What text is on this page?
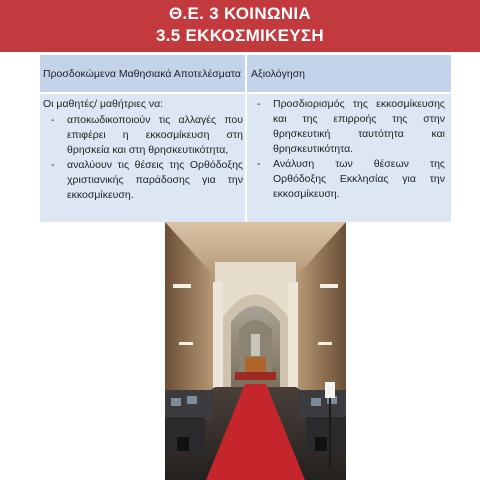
Θ.Ε. 3 ΚΟΙΝΩΝΙΑ
3.5 ΕΚΚΟΣΜΙΚΕΥΣΗ
Προσδοκώμενα Μαθησιακά Αποτελέσματα Αξιολόγηση
Οι μαθητές/ μαθήτριες να:
- αποκωδικοποιούν τις αλλαγές που επιφέρει η εκκοσμίκευση στη θρησκεία και στη θρησκευτικότητα,
- αναλύουν τις θέσεις της Ορθόδοξης χριστιανικής παράδοσης για την εκκοσμίκευση.
- Προσδιορισμός της εκκοσμίκευσης και της επιρροής της στην θρησκευτική ταυτότητα και θρησκευτικότητα.
- Ανάλυση των θέσεων της Ορθόδοξης Εκκλησίας για την εκκοσμίκευση.
